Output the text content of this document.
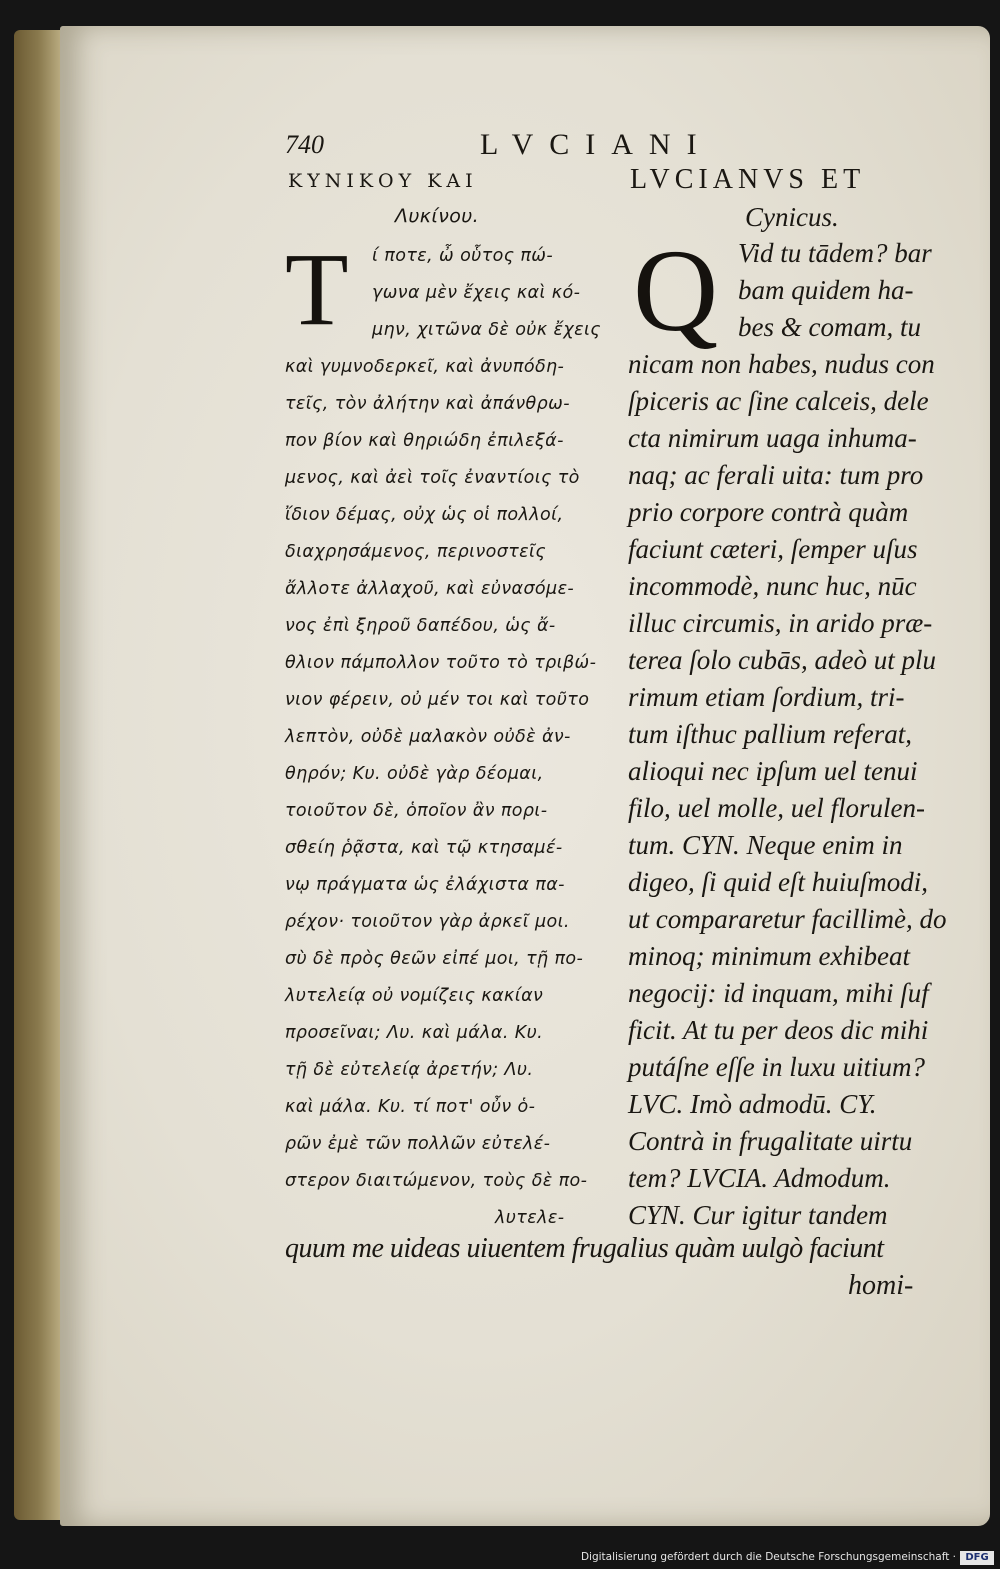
740	LVCIANI
ΚΥΝΙΚΟΥ ΚΑΙ
Λυκίνου.
LVCIANVS ET
Cynicus.
T Q
ί ποτε, ὦ οὗτος πώ-
γωνα μὲν ἔχεις καὶ κό-
μην, χιτῶνα δὲ οὐκ ἔχεις
καὶ γυμνοδερκεῖ, καὶ ἀνυπόδη-
τεῖς, τὸν ἀλήτην καὶ ἀπάνθρω-
πον βίον καὶ θηριώδη ἐπιλεξά-
μενος, καὶ ἀεὶ τοῖς ἐναντίοις τὸ
ἴδιον δέμας, οὐχ ὡς οἱ πολλοί,
διαχρησάμενος, περινοστεῖς
ἄλλοτε ἀλλαχοῦ, καὶ εὐνασόμε-
νος ἐπὶ ξηροῦ δαπέδου, ὡς ἄ-
θλιον πάμπολλον τοῦτο τὸ τριβώ-
νιον φέρειν, οὐ μέν τοι καὶ τοῦτο
λεπτὸν, οὐδὲ μαλακὸν οὐδὲ ἀν-
θηρόν; Κυ. οὐδὲ γὰρ δέομαι,
τοιοῦτον δὲ, ὁποῖον ἂν πορι-
σθείη ῥᾷστα, καὶ τῷ κτησαμέ-
νῳ πράγματα ὡς ἐλάχιστα πα-
ρέχον· τοιοῦτον γὰρ ἀρκεῖ μοι.
σὺ δὲ πρὸς θεῶν εἰπέ μοι, τῇ πο-
λυτελείᾳ οὐ νομίζεις κακίαν
προσεῖναι; Λυ. καὶ μάλα. Κυ.
τῇ δὲ εὐτελείᾳ ἀρετήν; Λυ.
καὶ μάλα. Κυ. τί ποτ' οὖν ὁ-
ρῶν ἐμὲ τῶν πολλῶν εὐτελέ-
στερον διαιτώμενον, τοὺς δὲ πο-
λυτελε-
Vid tu tādem? bar
bam quidem ha-
bes & comam, tu
nicam non habes, nudus con
ſpiceris ac ſine calceis, dele
cta nimirum uaga inhuma-
naq; ac ferali uita: tum pro
prio corpore contrà quàm
faciunt cæteri, ſemper uſus
incommodè, nunc huc, nūc
illuc circumis, in arido præ-
terea ſolo cubās, adeò ut plu
rimum etiam ſordium, tri-
tum iſthuc pallium referat,
alioqui nec ipſum uel tenui
filo, uel molle, uel florulen-
tum. CYN. Neque enim in
digeo, ſi quid eſt huiuſmodi,
ut compararetur facillimè, do
minoq; minimum exhibeat
negocij: id inquam, mihi ſuf
ficit. At tu per deos dic mihi
putáſne eſſe in luxu uitium?
LVC. Imò admodū. CY.
Contrà in frugalitate uirtu
tem? LVCIA. Admodum.
CYN. Cur igitur tandem
quum me uideas uiuentem frugalius quàm uulgò faciunt
homi-
Digitalisierung gefördert durch die Deutsche Forschungsgemeinschaft · DFG
